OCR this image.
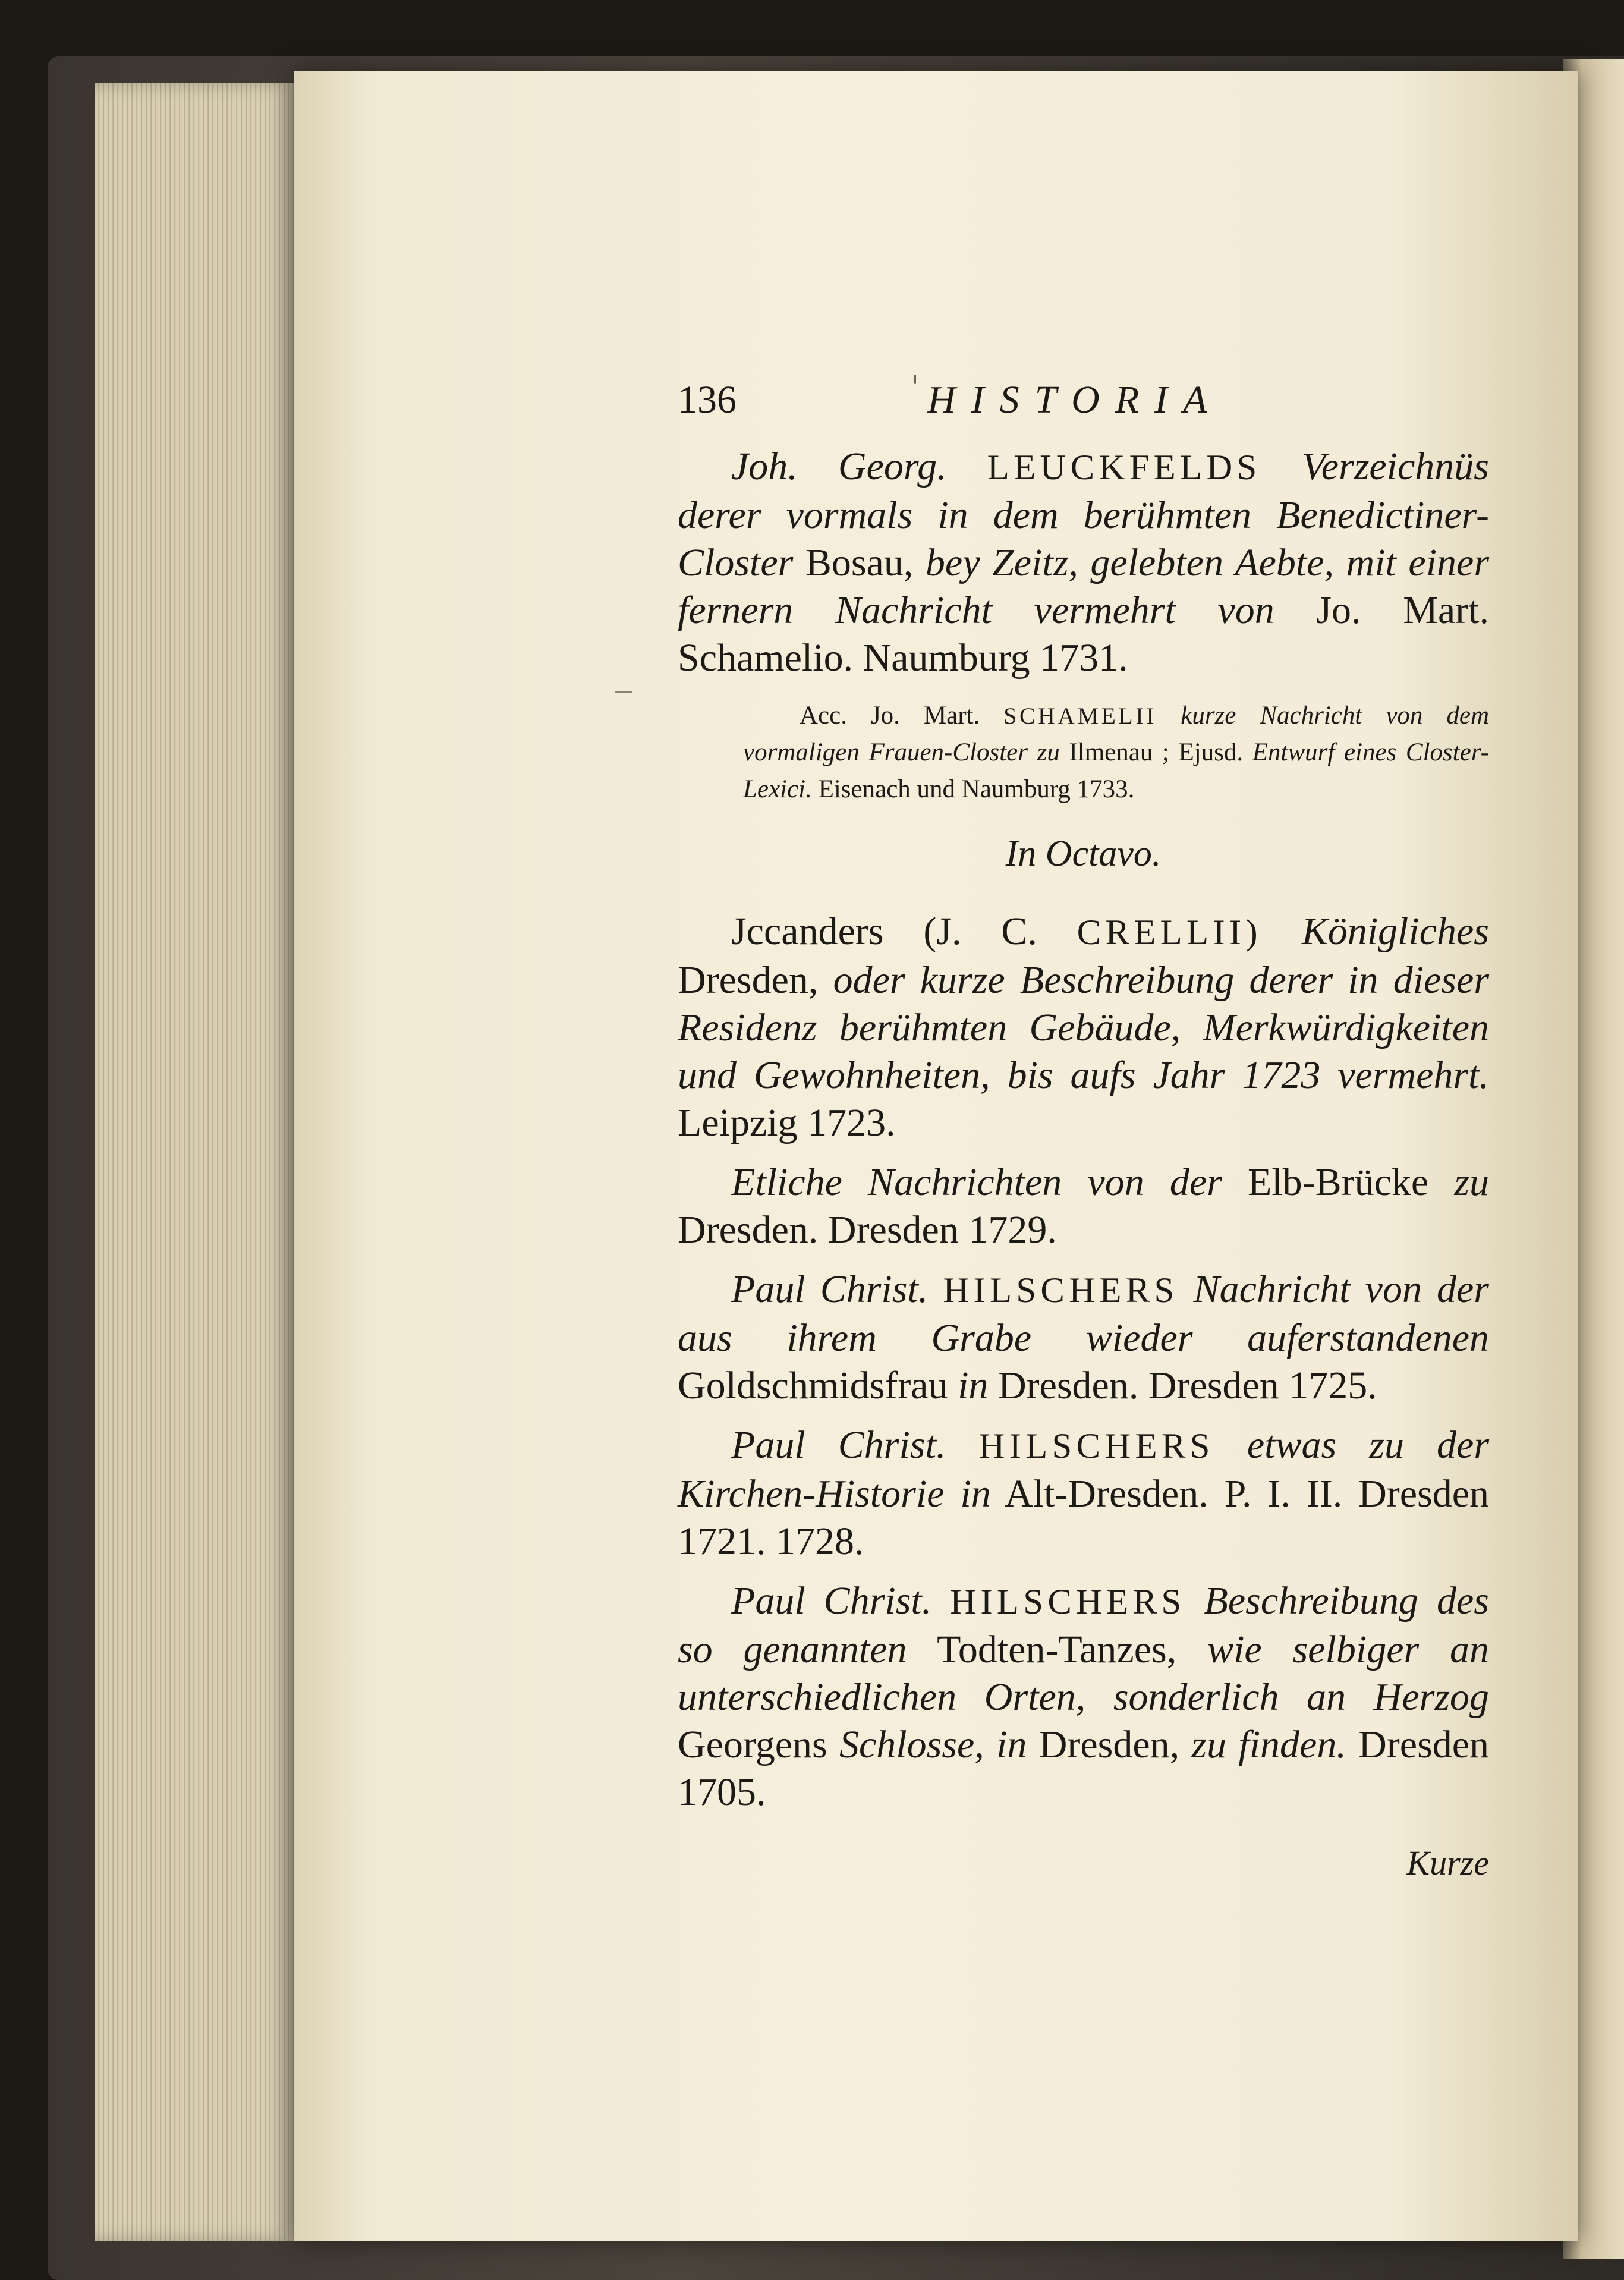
136	HISTORIA

Joh. Georg. LEUCKFELDS Verzeichnüs derer vormals in dem berühmten Benedictiner-Closter Bosau, bey Zeitz, gelebten Aebte, mit einer fernern Nachricht vermehrt von Jo. Mart. Schamelio. Naumburg 1731.

Acc. Jo. Mart. SCHAMELII kurze Nachricht von dem vormaligen Frauen-Closter zu Ilmenau ; Ejusd. Entwurf eines Closter-Lexici. Eisenach und Naumburg 1733.

In Octavo.

Jccanders (J. C. CRELLII) Königliches Dresden, oder kurze Beschreibung derer in dieser Residenz berühmten Gebäude, Merkwürdigkeiten und Gewohnheiten, bis aufs Jahr 1723 vermehrt. Leipzig 1723.

Etliche Nachrichten von der Elb-Brücke zu Dresden. Dresden 1729.

Paul Christ. HILSCHERS Nachricht von der aus ihrem Grabe wieder auferstandenen Goldschmidsfrau in Dresden. Dresden 1725.

Paul Christ. HILSCHERS etwas zu der Kirchen-Historie in Alt-Dresden. P. I. II. Dresden 1721. 1728.

Paul Christ. HILSCHERS Beschreibung des so genannten Todten-Tanzes, wie selbiger an unterschiedlichen Orten, sonderlich an Herzog Georgens Schlosse, in Dresden, zu finden. Dresden 1705.

Kurze
